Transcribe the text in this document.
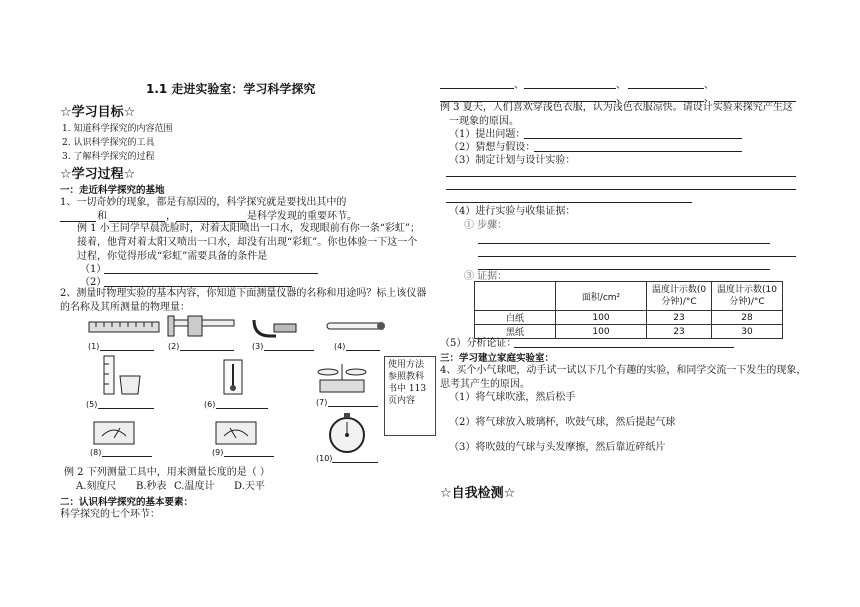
1.1 走进实验室：学习科学探究
☆学习目标☆
1. 知道科学探究的内容范围
2. 认识科学探究的工具
3. 了解科学探究的过程
☆学习过程☆
一：走近科学探究的基地
1、一切奇妙的现象，都是有原因的，科学探究就是要找出其中的
和	，	是科学发现的重要环节。
例 1 小王同学早晨洗脸时，对着太阳喷出一口水，发现眼前有你一条“彩虹”；
接着，他背对着太阳又喷出一口水，却没有出现“彩虹”。你也体验一下这一个
过程，你觉得形成“彩虹”需要具备的条件是
（1）
（2）
2、测量时物理实验的基本内容，你知道下面测量仪器的名称和用途吗？标上该仪器
的名称及其所测量的物理量：
(1)	(2)	(3)	(4)
(5)	(6)	(7)
使用方法参照教科书中 113 页内容
(8)	(9)
(10)
例 2 下列测量工具中，用来测量长度的是（ ）
A.刻度尺 B.秒表 C.温度计 D.天平
二：认识科学探究的基本要素：
科学探究的七个环节：
、	、	、
、	、
例 3 夏天，人们喜欢穿浅色衣服，认为浅色衣服凉快。请设计实验来探究产生这
一现象的原因。
（1）提出问题：
（2）猜想与假设：
（3）制定计划与设计实验：
（4）进行实验与收集证据：
① 步骤：
③ 证据：
	面积/cm²	温度计示数(0 分钟)/°C	温度计示数(10 分钟)/°C
白纸	100	23	28
黑纸	100	23	30
（5）分析论证：
三：学习建立家庭实验室：
4、买个小气球吧，动手试一试以下几个有趣的实验，和同学交流一下发生的现象，
思考其产生的原因。
（1）将气球吹涨，然后松手
（2）将气球放入玻璃杯，吹鼓气球，然后提起气球
（3）将吹鼓的气球与头发摩擦，然后靠近碎纸片
☆自我检测☆
